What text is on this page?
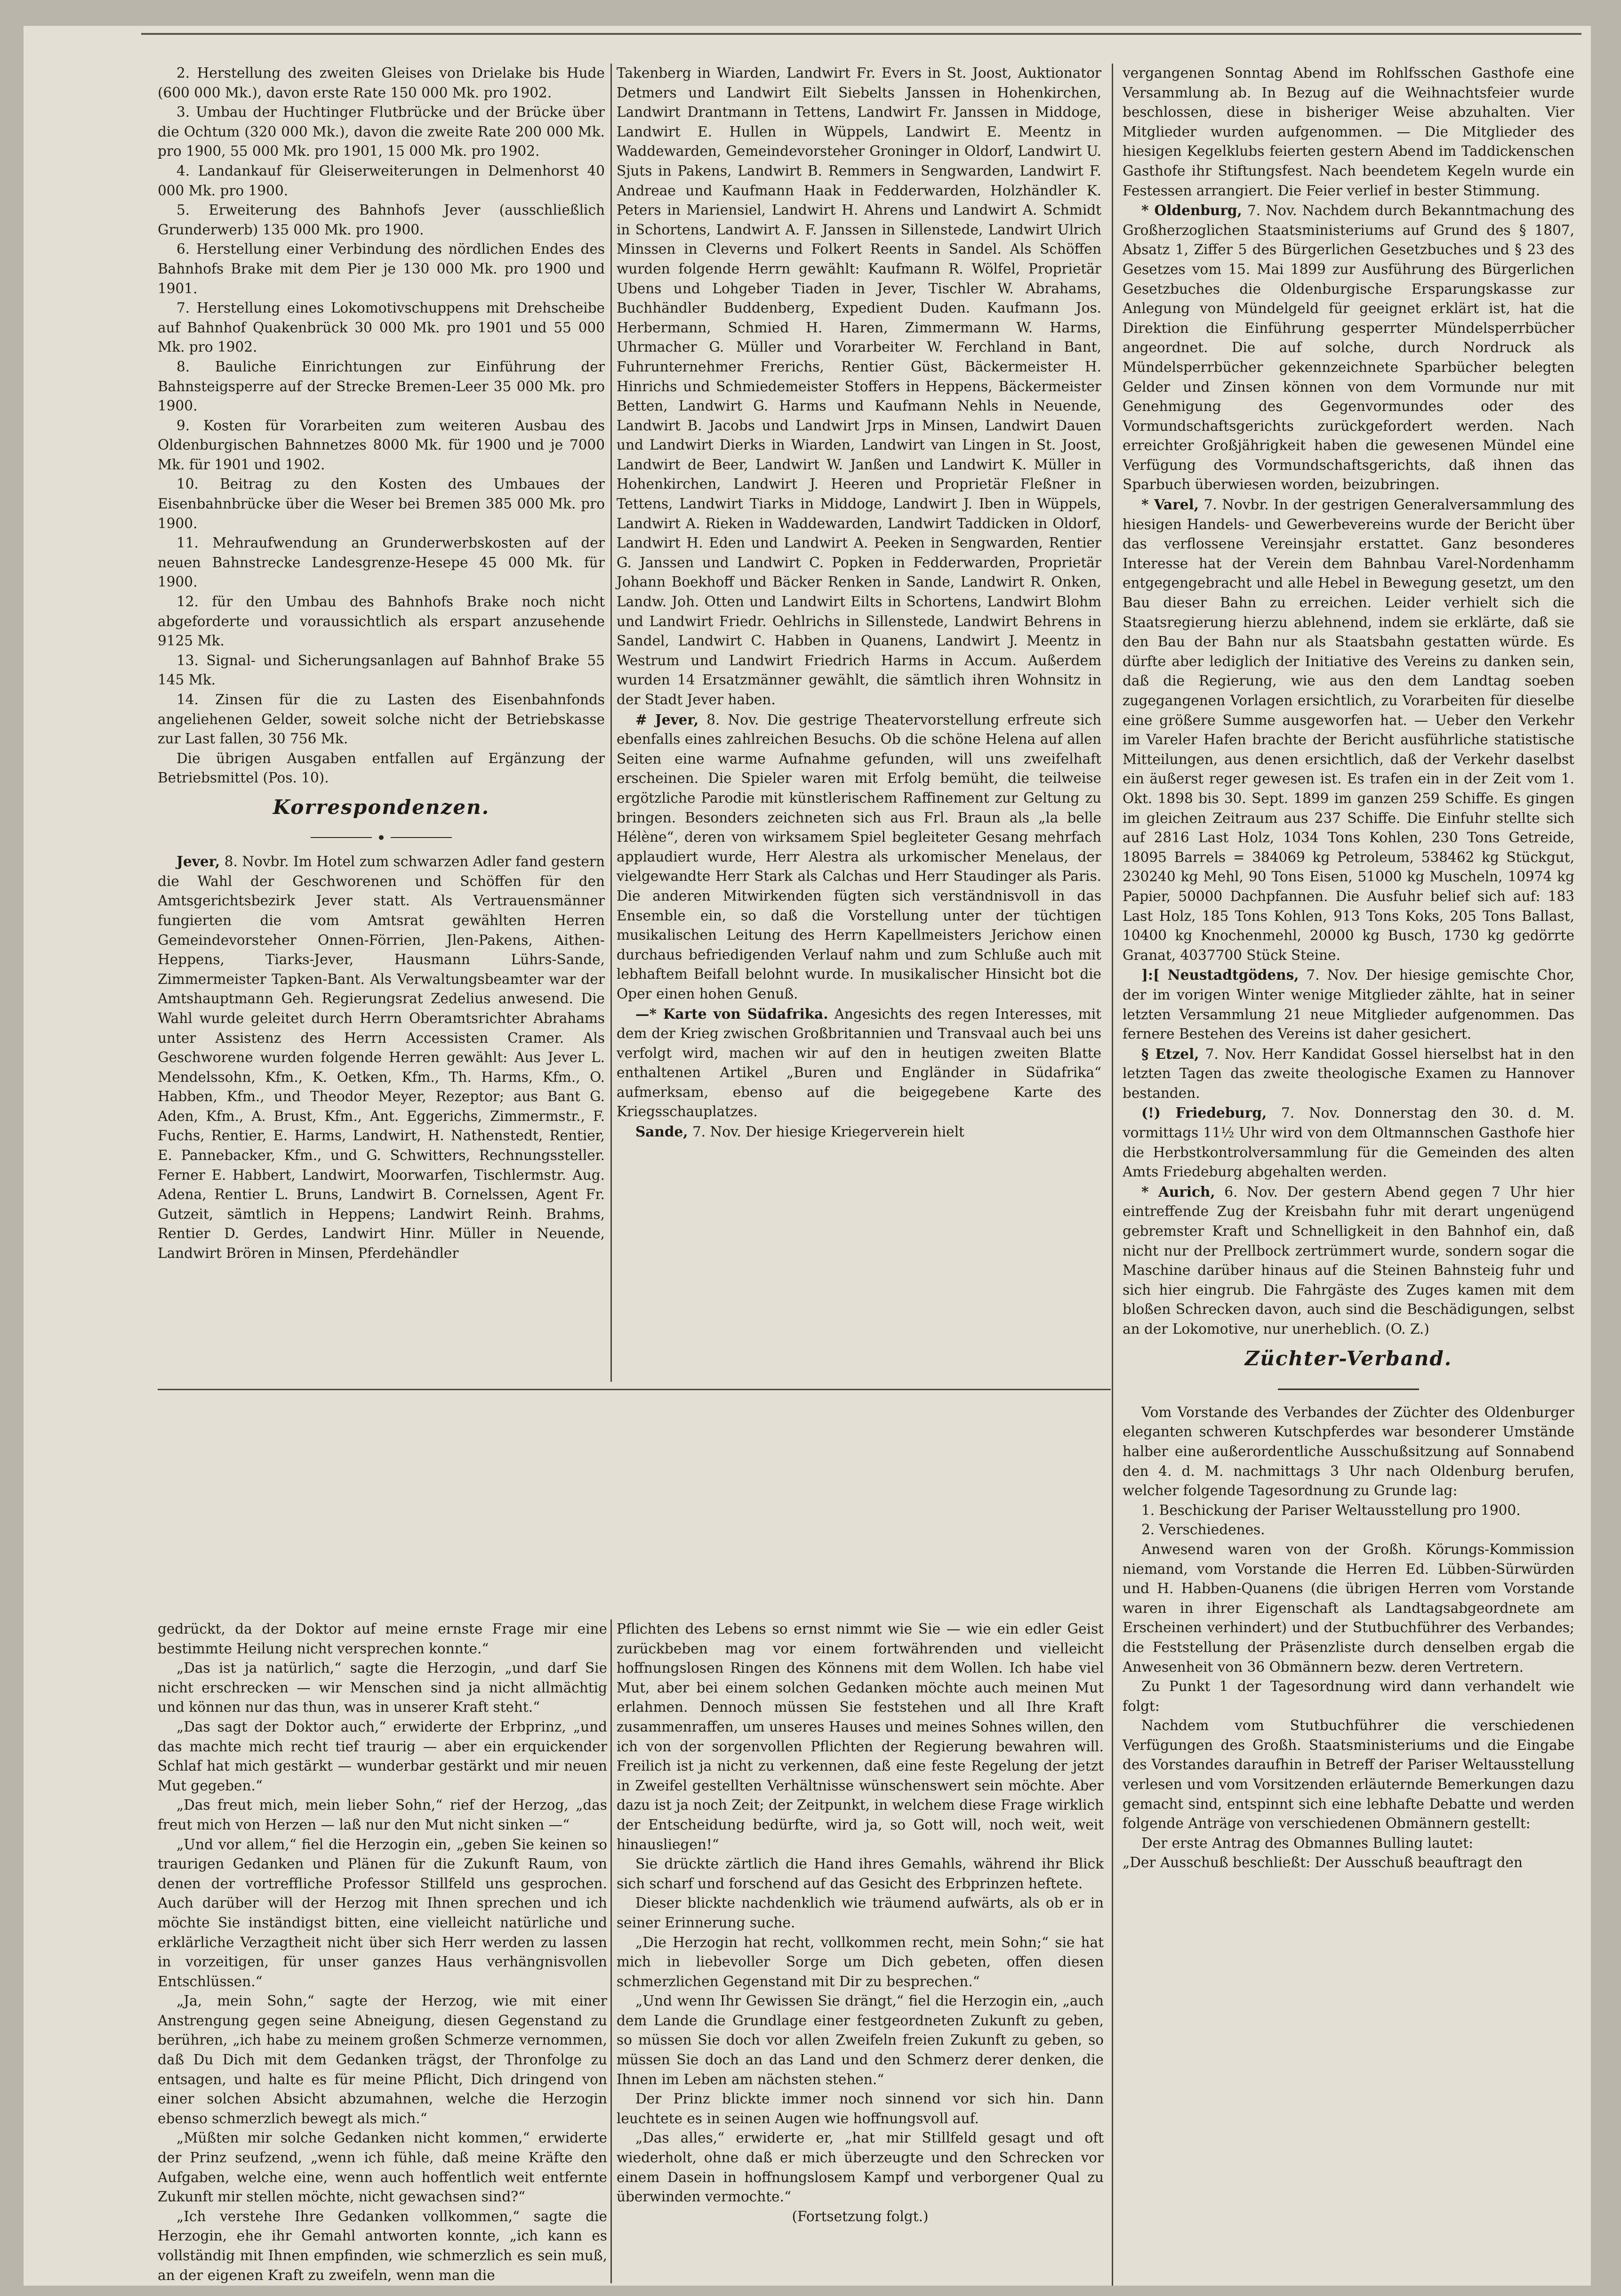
2. Herstellung des zweiten Gleises von Drielake bis Hude (600 000 Mk.), davon erste Rate 150 000 Mk. pro 1902.

3. Umbau der Huchtinger Flutbrücke und der Brücke über die Ochtum (320 000 Mk.), davon die zweite Rate 200 000 Mk. pro 1900, 55 000 Mk. pro 1901, 15 000 Mk. pro 1902.

4. Landankauf für Gleiserweiterungen in Delmenhorst 40 000 Mk. pro 1900.

5. Erweiterung des Bahnhofs Jever (ausschließlich Grunderwerb) 135 000 Mk. pro 1900.

6. Herstellung einer Verbindung des nördlichen Endes des Bahnhofs Brake mit dem Pier je 130 000 Mk. pro 1900 und 1901.

7. Herstellung eines Lokomotivschuppens mit Drehscheibe auf Bahnhof Quakenbrück 30 000 Mk. pro 1901 und 55 000 Mk. pro 1902.

8. Bauliche Einrichtungen zur Einführung der Bahnsteigsperre auf der Strecke Bremen-Leer 35 000 Mk. pro 1900.

9. Kosten für Vorarbeiten zum weiteren Ausbau des Oldenburgischen Bahnnetzes 8000 Mk. für 1900 und je 7000 Mk. für 1901 und 1902.

10. Beitrag zu den Kosten des Umbaues der Eisenbahnbrücke über die Weser bei Bremen 385 000 Mk. pro 1900.

11. Mehraufwendung an Grunderwerbskosten auf der neuen Bahnstrecke Landesgrenze-Hesepe 45 000 Mk. für 1900.

12. für den Umbau des Bahnhofs Brake noch nicht abgeforderte und voraussichtlich als erspart anzusehende 9125 Mk.

13. Signal- und Sicherungsanlagen auf Bahnhof Brake 55 145 Mk.

14. Zinsen für die zu Lasten des Eisenbahnfonds angeliehenen Gelder, soweit solche nicht der Betriebskasse zur Last fallen, 30 756 Mk.

Die übrigen Ausgaben entfallen auf Ergänzung der Betriebsmittel (Pos. 10).

Korrespondenzen.

Jever, 8. Novbr. Im Hotel zum schwarzen Adler fand gestern die Wahl der Geschworenen und Schöffen für den Amtsgerichtsbezirk Jever statt. Als Vertrauensmänner fungierten die vom Amtsrat gewählten Herren Gemeindevorsteher Onnen-Förrien, Jlen-Pakens, Aithen-Heppens, Tiarks-Jever, Hausmann Lührs-Sande, Zimmermeister Tapken-Bant. Als Verwaltungsbeamter war der Amtshauptmann Geh. Regierungsrat Zedelius anwesend. Die Wahl wurde geleitet durch Herrn Oberamtsrichter Abrahams unter Assistenz des Herrn Accessisten Cramer. Als Geschworene wurden folgende Herren gewählt: Aus Jever L. Mendelssohn, Kfm., K. Oetken, Kfm., Th. Harms, Kfm., O. Habben, Kfm., und Theodor Meyer, Rezeptor; aus Bant G. Aden, Kfm., A. Brust, Kfm., Ant. Eggerichs, Zimmermstr., F. Fuchs, Rentier, E. Harms, Landwirt, H. Nathenstedt, Rentier, E. Pannebacker, Kfm., und G. Schwitters, Rechnungssteller. Ferner E. Habbert, Landwirt, Moorwarfen, Tischlermstr. Aug. Adena, Rentier L. Bruns, Landwirt B. Cornelssen, Agent Fr. Gutzeit, sämtlich in Heppens; Landwirt Reinh. Brahms, Rentier D. Gerdes, Landwirt Hinr. Müller in Neuende, Landwirt Brören in Minsen, Pferdehändler

Takenberg in Wiarden, Landwirt Fr. Evers in St. Joost, Auktionator Detmers und Landwirt Eilt Siebelts Janssen in Hohenkirchen, Landwirt Drantmann in Tettens, Landwirt Fr. Janssen in Middoge, Landwirt E. Hullen in Wüppels, Landwirt E. Meentz in Waddewarden, Gemeindevorsteher Groninger in Oldorf, Landwirt U. Sjuts in Pakens, Landwirt B. Remmers in Sengwarden, Landwirt F. Andreae und Kaufmann Haak in Fedderwarden, Holzhändler K. Peters in Mariensiel, Landwirt H. Ahrens und Landwirt A. Schmidt in Schortens, Landwirt A. F. Janssen in Sillenstede, Landwirt Ulrich Minssen in Cleverns und Folkert Reents in Sandel. Als Schöffen wurden folgende Herrn gewählt: Kaufmann R. Wölfel, Proprietär Ubens und Lohgeber Tiaden in Jever, Tischler W. Abrahams, Buchhändler Buddenberg, Expedient Duden. Kaufmann Jos. Herbermann, Schmied H. Haren, Zimmermann W. Harms, Uhrmacher G. Müller und Vorarbeiter W. Ferchland in Bant, Fuhrunternehmer Frerichs, Rentier Güst, Bäckermeister H. Hinrichs und Schmiedemeister Stoffers in Heppens, Bäckermeister Betten, Landwirt G. Harms und Kaufmann Nehls in Neuende, Landwirt B. Jacobs und Landwirt Jrps in Minsen, Landwirt Dauen und Landwirt Dierks in Wiarden, Landwirt van Lingen in St. Joost, Landwirt de Beer, Landwirt W. Janßen und Landwirt K. Müller in Hohenkirchen, Landwirt J. Heeren und Proprietär Fleßner in Tettens, Landwirt Tiarks in Middoge, Landwirt J. Iben in Wüppels, Landwirt A. Rieken in Waddewarden, Landwirt Taddicken in Oldorf, Landwirt H. Eden und Landwirt A. Peeken in Sengwarden, Rentier G. Janssen und Landwirt C. Popken in Fedderwarden, Proprietär Johann Boekhoff und Bäcker Renken in Sande, Landwirt R. Onken, Landw. Joh. Otten und Landwirt Eilts in Schortens, Landwirt Blohm und Landwirt Friedr. Oehlrichs in Sillenstede, Landwirt Behrens in Sandel, Landwirt C. Habben in Quanens, Landwirt J. Meentz in Westrum und Landwirt Friedrich Harms in Accum. Außerdem wurden 14 Ersatzmänner gewählt, die sämtlich ihren Wohnsitz in der Stadt Jever haben.

# Jever, 8. Nov. Die gestrige Theatervorstellung erfreute sich ebenfalls eines zahlreichen Besuchs. Ob die schöne Helena auf allen Seiten eine warme Aufnahme gefunden, will uns zweifelhaft erscheinen. Die Spieler waren mit Erfolg bemüht, die teilweise ergötzliche Parodie mit künstlerischem Raffinement zur Geltung zu bringen. Besonders zeichneten sich aus Frl. Braun als „la belle Hélène“, deren von wirksamem Spiel begleiteter Gesang mehrfach applaudiert wurde, Herr Alestra als urkomischer Menelaus, der vielgewandte Herr Stark als Calchas und Herr Staudinger als Paris. Die anderen Mitwirkenden fügten sich verständnisvoll in das Ensemble ein, so daß die Vorstellung unter der tüchtigen musikalischen Leitung des Herrn Kapellmeisters Jerichow einen durchaus befriedigenden Verlauf nahm und zum Schluße auch mit lebhaftem Beifall belohnt wurde. In musikalischer Hinsicht bot die Oper einen hohen Genuß.

—* Karte von Südafrika. Angesichts des regen Interesses, mit dem der Krieg zwischen Großbritannien und Transvaal auch bei uns verfolgt wird, machen wir auf den in heutigen zweiten Blatte enthaltenen Artikel „Buren und Engländer in Südafrika“ aufmerksam, ebenso auf die beigegebene Karte des Kriegsschauplatzes.

Sande, 7. Nov. Der hiesige Kriegerverein hielt

vergangenen Sonntag Abend im Rohlfsschen Gasthofe eine Versammlung ab. In Bezug auf die Weihnachtsfeier wurde beschlossen, diese in bisheriger Weise abzuhalten. Vier Mitglieder wurden aufgenommen. — Die Mitglieder des hiesigen Kegelklubs feierten gestern Abend im Taddickenschen Gasthofe ihr Stiftungsfest. Nach beendetem Kegeln wurde ein Festessen arrangiert. Die Feier verlief in bester Stimmung.

* Oldenburg, 7. Nov. Nachdem durch Bekanntmachung des Großherzoglichen Staatsministeriums auf Grund des § 1807, Absatz 1, Ziffer 5 des Bürgerlichen Gesetzbuches und § 23 des Gesetzes vom 15. Mai 1899 zur Ausführung des Bürgerlichen Gesetzbuches die Oldenburgische Ersparungskasse zur Anlegung von Mündelgeld für geeignet erklärt ist, hat die Direktion die Einführung gesperrter Mündelsperrbücher angeordnet. Die auf solche, durch Nordruck als Mündelsperrbücher gekennzeichnete Sparbücher belegten Gelder und Zinsen können von dem Vormunde nur mit Genehmigung des Gegenvormundes oder des Vormundschaftsgerichts zurückgefordert werden. Nach erreichter Großjährigkeit haben die gewesenen Mündel eine Verfügung des Vormundschaftsgerichts, daß ihnen das Sparbuch überwiesen worden, beizubringen.

* Varel, 7. Novbr. In der gestrigen Generalversammlung des hiesigen Handels- und Gewerbevereins wurde der Bericht über das verflossene Vereinsjahr erstattet. Ganz besonderes Interesse hat der Verein dem Bahnbau Varel-Nordenhamm entgegengebracht und alle Hebel in Bewegung gesetzt, um den Bau dieser Bahn zu erreichen. Leider verhielt sich die Staatsregierung hierzu ablehnend, indem sie erklärte, daß sie den Bau der Bahn nur als Staatsbahn gestatten würde. Es dürfte aber lediglich der Initiative des Vereins zu danken sein, daß die Regierung, wie aus den dem Landtag soeben zugegangenen Vorlagen ersichtlich, zu Vorarbeiten für dieselbe eine größere Summe ausgeworfen hat. — Ueber den Verkehr im Vareler Hafen brachte der Bericht ausführliche statistische Mitteilungen, aus denen ersichtlich, daß der Verkehr daselbst ein äußerst reger gewesen ist. Es trafen ein in der Zeit vom 1. Okt. 1898 bis 30. Sept. 1899 im ganzen 259 Schiffe. Es gingen im gleichen Zeitraum aus 237 Schiffe. Die Einfuhr stellte sich auf 2816 Last Holz, 1034 Tons Kohlen, 230 Tons Getreide, 18095 Barrels = 384069 kg Petroleum, 538462 kg Stückgut, 230240 kg Mehl, 90 Tons Eisen, 51000 kg Muscheln, 10974 kg Papier, 50000 Dachpfannen. Die Ausfuhr belief sich auf: 183 Last Holz, 185 Tons Kohlen, 913 Tons Koks, 205 Tons Ballast, 10400 kg Knochenmehl, 20000 kg Busch, 1730 kg gedörrte Granat, 4037700 Stück Steine.

]:[ Neustadtgödens, 7. Nov. Der hiesige gemischte Chor, der im vorigen Winter wenige Mitglieder zählte, hat in seiner letzten Versammlung 21 neue Mitglieder aufgenommen. Das fernere Bestehen des Vereins ist daher gesichert.

§ Etzel, 7. Nov. Herr Kandidat Gossel hierselbst hat in den letzten Tagen das zweite theologische Examen zu Hannover bestanden.

(!) Friedeburg, 7. Nov. Donnerstag den 30. d. M. vormittags 11½ Uhr wird von dem Oltmannschen Gasthofe hier die Herbstkontrolversammlung für die Gemeinden des alten Amts Friedeburg abgehalten werden.

* Aurich, 6. Nov. Der gestern Abend gegen 7 Uhr hier eintreffende Zug der Kreisbahn fuhr mit derart ungenügend gebremster Kraft und Schnelligkeit in den Bahnhof ein, daß nicht nur der Prellbock zertrümmert wurde, sondern sogar die Maschine darüber hinaus auf die Steinen Bahnsteig fuhr und sich hier eingrub. Die Fahrgäste des Zuges kamen mit dem bloßen Schrecken davon, auch sind die Beschädigungen, selbst an der Lokomotive, nur unerheblich. (O. Z.)

Züchter-Verband.

Vom Vorstande des Verbandes der Züchter des Oldenburger eleganten schweren Kutschpferdes war besonderer Umstände halber eine außerordentliche Ausschußsitzung auf Sonnabend den 4. d. M. nachmittags 3 Uhr nach Oldenburg berufen, welcher folgende Tagesordnung zu Grunde lag:

1. Beschickung der Pariser Weltausstellung pro 1900.

2. Verschiedenes.

Anwesend waren von der Großh. Körungs-Kommission niemand, vom Vorstande die Herren Ed. Lübben-Sürwürden und H. Habben-Quanens (die übrigen Herren vom Vorstande waren in ihrer Eigenschaft als Landtagsabgeordnete am Erscheinen verhindert) und der Stutbuchführer des Verbandes; die Feststellung der Präsenzliste durch denselben ergab die Anwesenheit von 36 Obmännern bezw. deren Vertretern.

Zu Punkt 1 der Tagesordnung wird dann verhandelt wie folgt:

Nachdem vom Stutbuchführer die verschiedenen Verfügungen des Großh. Staatsministeriums und die Eingabe des Vorstandes daraufhin in Betreff der Pariser Weltausstellung verlesen und vom Vorsitzenden erläuternde Bemerkungen dazu gemacht sind, entspinnt sich eine lebhafte Debatte und werden folgende Anträge von verschiedenen Obmännern gestellt:

Der erste Antrag des Obmannes Bulling lautet:

„Der Ausschuß beschließt: Der Ausschuß beauftragt den

gedrückt, da der Doktor auf meine ernste Frage mir eine bestimmte Heilung nicht versprechen konnte.“

„Das ist ja natürlich,“ sagte die Herzogin, „und darf Sie nicht erschrecken — wir Menschen sind ja nicht allmächtig und können nur das thun, was in unserer Kraft steht.“

„Das sagt der Doktor auch,“ erwiderte der Erbprinz, „und das machte mich recht tief traurig — aber ein erquickender Schlaf hat mich gestärkt — wunderbar gestärkt und mir neuen Mut gegeben.“

„Das freut mich, mein lieber Sohn,“ rief der Herzog, „das freut mich von Herzen — laß nur den Mut nicht sinken —“

„Und vor allem,“ fiel die Herzogin ein, „geben Sie keinen so traurigen Gedanken und Plänen für die Zukunft Raum, von denen der vortreffliche Professor Stillfeld uns gesprochen. Auch darüber will der Herzog mit Ihnen sprechen und ich möchte Sie inständigst bitten, eine vielleicht natürliche und erklärliche Verzagtheit nicht über sich Herr werden zu lassen in vorzeitigen, für unser ganzes Haus verhängnisvollen Entschlüssen.“

„Ja, mein Sohn,“ sagte der Herzog, wie mit einer Anstrengung gegen seine Abneigung, diesen Gegenstand zu berühren, „ich habe zu meinem großen Schmerze vernommen, daß Du Dich mit dem Gedanken trägst, der Thronfolge zu entsagen, und halte es für meine Pflicht, Dich dringend von einer solchen Absicht abzumahnen, welche die Herzogin ebenso schmerzlich bewegt als mich.“

„Müßten mir solche Gedanken nicht kommen,“ erwiderte der Prinz seufzend, „wenn ich fühle, daß meine Kräfte den Aufgaben, welche eine, wenn auch hoffentlich weit entfernte Zukunft mir stellen möchte, nicht gewachsen sind?“

„Ich verstehe Ihre Gedanken vollkommen,“ sagte die Herzogin, ehe ihr Gemahl antworten konnte, „ich kann es vollständig mit Ihnen empfinden, wie schmerzlich es sein muß, an der eigenen Kraft zu zweifeln, wenn man die

Pflichten des Lebens so ernst nimmt wie Sie — wie ein edler Geist zurückbeben mag vor einem fortwährenden und vielleicht hoffnungslosen Ringen des Könnens mit dem Wollen. Ich habe viel Mut, aber bei einem solchen Gedanken möchte auch meinen Mut erlahmen. Dennoch müssen Sie feststehen und all Ihre Kraft zusammenraffen, um unseres Hauses und meines Sohnes willen, den ich von der sorgenvollen Pflichten der Regierung bewahren will. Freilich ist ja nicht zu verkennen, daß eine feste Regelung der jetzt in Zweifel gestellten Verhältnisse wünschenswert sein möchte. Aber dazu ist ja noch Zeit; der Zeitpunkt, in welchem diese Frage wirklich der Entscheidung bedürfte, wird ja, so Gott will, noch weit, weit hinausliegen!“

Sie drückte zärtlich die Hand ihres Gemahls, während ihr Blick sich scharf und forschend auf das Gesicht des Erbprinzen heftete.

Dieser blickte nachdenklich wie träumend aufwärts, als ob er in seiner Erinnerung suche.

„Die Herzogin hat recht, vollkommen recht, mein Sohn;“ sie hat mich in liebevoller Sorge um Dich gebeten, offen diesen schmerzlichen Gegenstand mit Dir zu besprechen.“

„Und wenn Ihr Gewissen Sie drängt,“ fiel die Herzogin ein, „auch dem Lande die Grundlage einer festgeordneten Zukunft zu geben, so müssen Sie doch vor allen Zweifeln freien Zukunft zu geben, so müssen Sie doch an das Land und den Schmerz derer denken, die Ihnen im Leben am nächsten stehen.“

Der Prinz blickte immer noch sinnend vor sich hin. Dann leuchtete es in seinen Augen wie hoffnungsvoll auf.

„Das alles,“ erwiderte er, „hat mir Stillfeld gesagt und oft wiederholt, ohne daß er mich überzeugte und den Schrecken vor einem Dasein in hoffnungslosem Kampf und verborgener Qual zu überwinden vermochte.“

(Fortsetzung folgt.)
